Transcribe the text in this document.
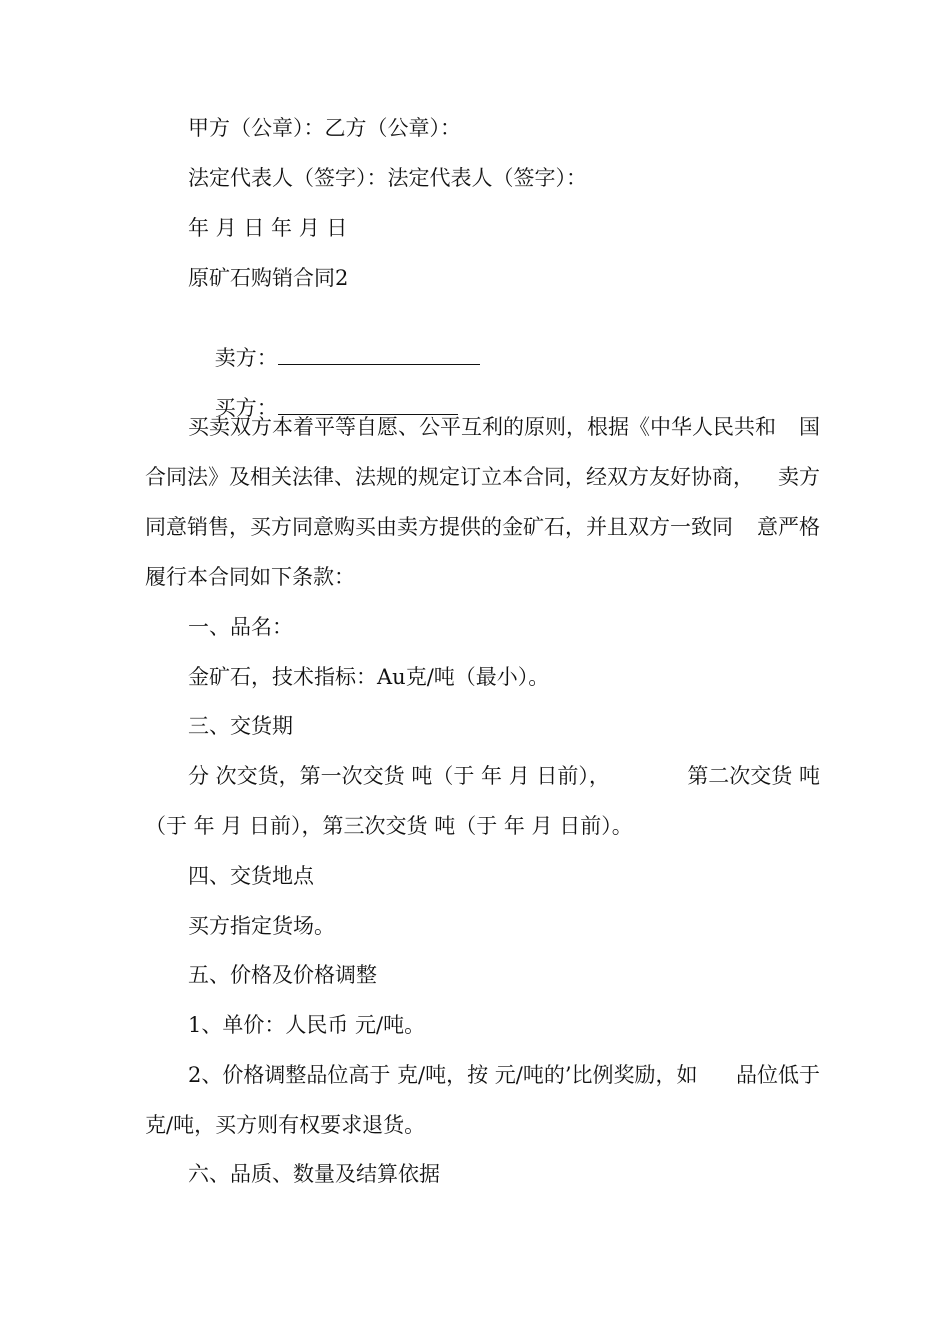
甲方（公章）：乙方（公章）：
法定代表人（签字）：法定代表人（签字）：
年 月 日 年 月 日
原矿石购销合同2

卖方：

买方：

买卖双方本着平等自愿、公平互利的原则，根据《中华人民共和 国
合同法》及相关法律、法规的规定订立本合同，经双方友好协商， 卖方
同意销售，买方同意购买由卖方提供的金矿石，并且双方一致同 意严格
履行本合同如下条款：
一、品名：
金矿石，技术指标：Au克/吨（最小）。
三、交货期
分 次交货，第一次交货 吨（于 年 月 日前），	第二次交货 吨
（于 年 月 日前），第三次交货 吨（于 年 月 日前）。
四、交货地点
买方指定货场。
五、价格及价格调整
1、单价：人民币 元/吨。
2、价格调整品位高于 克/吨，按 元/吨的’比例奖励，如 品位低于
克/吨，买方则有权要求退货。
六、品质、数量及结算依据
